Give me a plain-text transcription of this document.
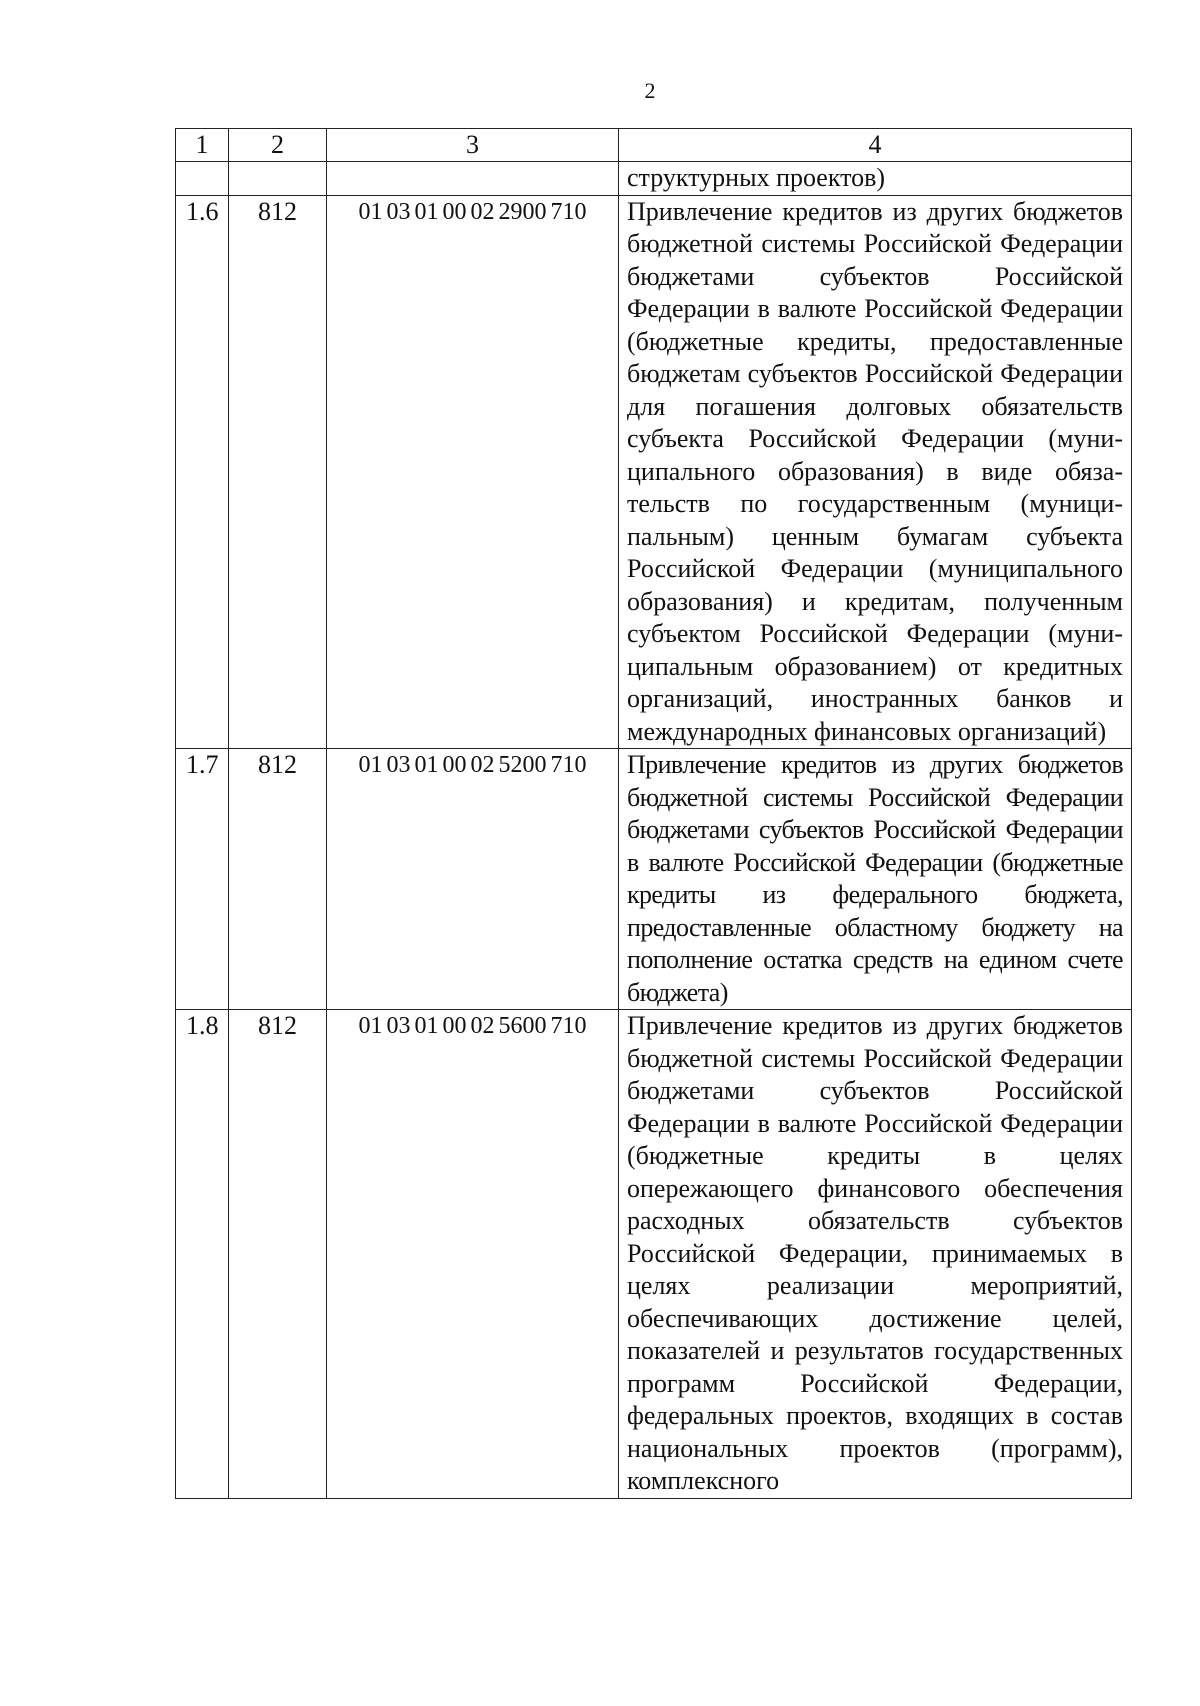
2
1	2	3	4
			структурных проектов)
1.6	812	01 03 01 00 02 2900 710	Привлечение кредитов из других бюджетов бюджетной системы Российской Федерации бюджетами субъектов Российской Федерации в валюте Российской Федерации (бюджетные кредиты, предоставленные бюджетам субъектов Российской Федерации для погашения долговых обязательств субъекта Российской Федерации (муниципального образования) в виде обязательств по государственным (муниципальным) ценным бумагам субъекта Российской Федерации (муниципального образования) и кредитам, полученным субъектом Российской Федерации (муниципальным образованием) от кредитных организаций, иностранных банков и международных финансовых организаций)
1.7	812	01 03 01 00 02 5200 710	Привлечение кредитов из других бюджетов бюджетной системы Российской Федерации бюджетами субъектов Российской Федерации в валюте Российской Федерации (бюджетные кредиты из федерального бюджета, предоставленные областному бюджету на пополнение остатка средств на едином счете бюджета)
1.8	812	01 03 01 00 02 5600 710	Привлечение кредитов из других бюджетов бюджетной системы Российской Федерации бюджетами субъектов Российской Федерации в валюте Российской Федерации (бюджетные кредиты в целях опережающего финансового обеспечения расходных обязательств субъектов Российской Федерации, принимаемых в целях реализации мероприятий, обеспечивающих достижение целей, показателей и результатов государственных программ Российской Федерации, федеральных проектов, входящих в состав национальных проектов (программ), комплексного
